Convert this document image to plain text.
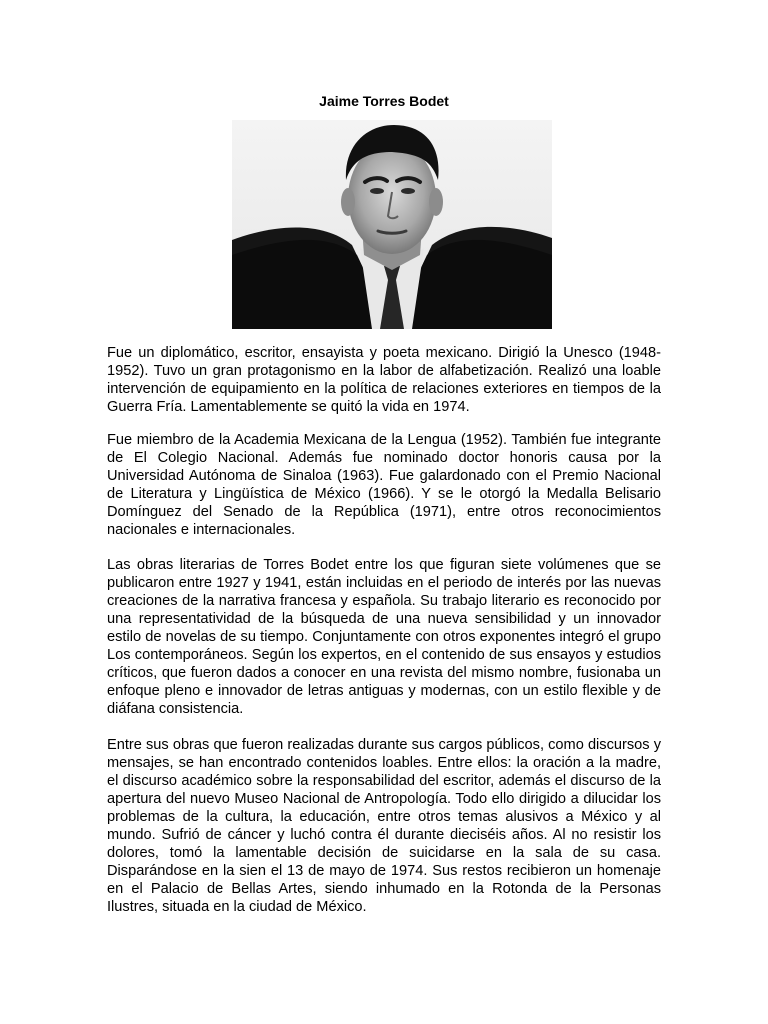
Jaime Torres Bodet

Fue un diplomático, escritor, ensayista y poeta mexicano. Dirigió la Unesco (1948-1952). Tuvo un gran protagonismo en la labor de alfabetización. Realizó una loable intervención de equipamiento en la política de relaciones exteriores en tiempos de la Guerra Fría. Lamentablemente se quitó la vida en 1974.

Fue miembro de la Academia Mexicana de la Lengua (1952). También fue integrante de El Colegio Nacional. Además fue nominado doctor honoris causa por la Universidad Autónoma de Sinaloa (1963). Fue galardonado con el Premio Nacional de Literatura y Lingüística de México (1966). Y se le otorgó la Medalla Belisario Domínguez del Senado de la República (1971), entre otros reconocimientos nacionales e internacionales.

Las obras literarias de Torres Bodet entre los que figuran siete volúmenes que se publicaron entre 1927 y 1941, están incluidas en el periodo de interés por las nuevas creaciones de la narrativa francesa y española. Su trabajo literario es reconocido por una representatividad de la búsqueda de una nueva sensibilidad y un innovador estilo de novelas de su tiempo. Conjuntamente con otros exponentes integró el grupo Los contemporáneos. Según los expertos, en el contenido de sus ensayos y estudios críticos, que fueron dados a conocer en una revista del mismo nombre, fusionaba un enfoque pleno e innovador de letras antiguas y modernas, con un estilo flexible y de diáfana consistencia.

Entre sus obras que fueron realizadas durante sus cargos públicos, como discursos y mensajes, se han encontrado contenidos loables. Entre ellos: la oración a la madre, el discurso académico sobre la responsabilidad del escritor, además el discurso de la apertura del nuevo Museo Nacional de Antropología. Todo ello dirigido a dilucidar los problemas de la cultura, la educación, entre otros temas alusivos a México y al mundo. Sufrió de cáncer y luchó contra él durante dieciséis años. Al no resistir los dolores, tomó la lamentable decisión de suicidarse en la sala de su casa. Disparándose en la sien el 13 de mayo de 1974. Sus restos recibieron un homenaje en el Palacio de Bellas Artes, siendo inhumado en la Rotonda de la Personas Ilustres, situada en la ciudad de México.
